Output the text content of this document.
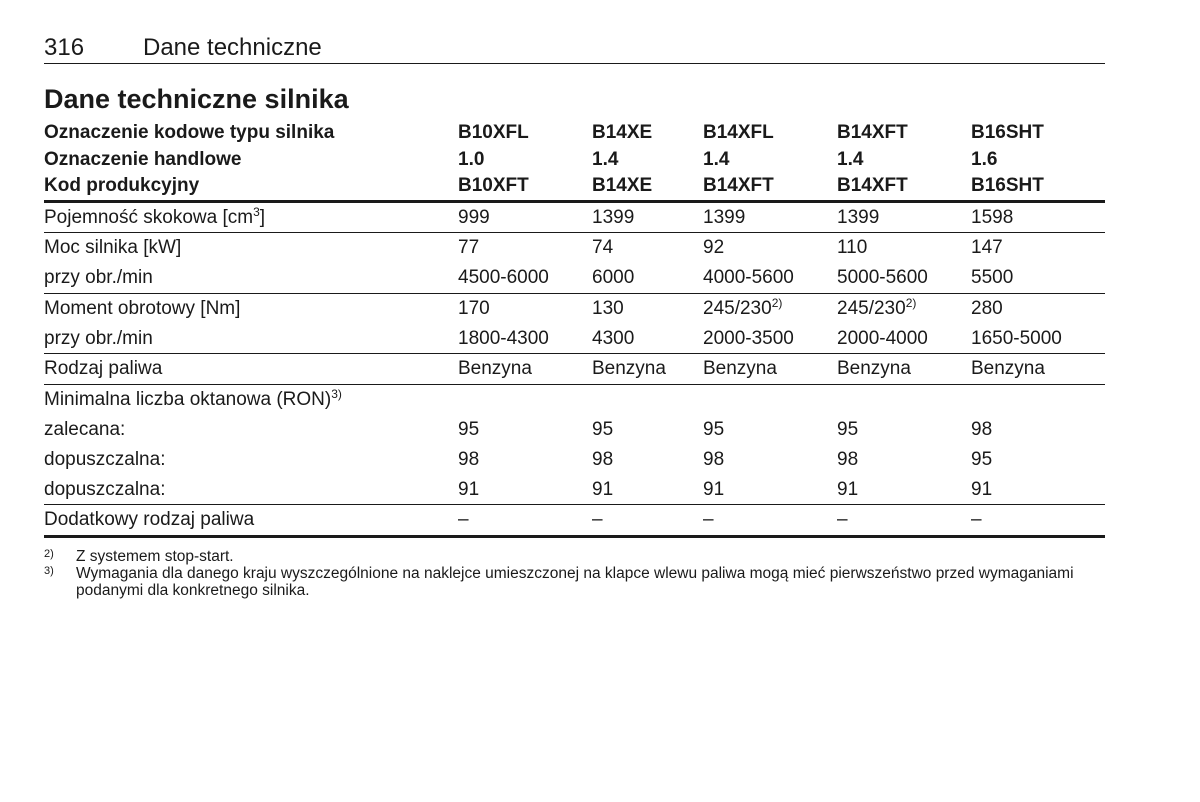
316 Dane techniczne
Dane techniczne silnika
Oznaczenie kodowe typu silnika	B10XFL	B14XE	B14XFL	B14XFT	B16SHT
Oznaczenie handlowe	1.0	1.4	1.4	1.4	1.6
Kod produkcyjny	B10XFT	B14XE	B14XFT	B14XFT	B16SHT
Pojemność skokowa $[cm^3]$	999	1399	1399	1399	1598
Moc silnika [kW]	77	74	92	110	147
przy obr./min	4500-6000	6000	4000-5600	5000-5600	5500
Moment obrotowy [Nm]	170	130	245/230$^{2)}$	245/230$^{2)}$	280
przy obr./min	1800-4300	4300	2000-3500	2000-4000	1650-5000
Rodzaj paliwa	Benzyna	Benzyna	Benzyna	Benzyna	Benzyna
Minimalna liczba oktanowa (RON)$^{3)}$					
zalecana:	95	95	95	95	98
dopuszczalna:	98	98	98	98	95
dopuszczalna:	91	91	91	91	91
Dodatkowy rodzaj paliwa	–	–	–	–	–
2) Z systemem stop-start.
3) Wymagania dla danego kraju wyszczególnione na naklejce umieszczonej na klapce wlewu paliwa mogą mieć pierwszeństwo przed wymaganiami podanymi dla konkretnego silnika.
